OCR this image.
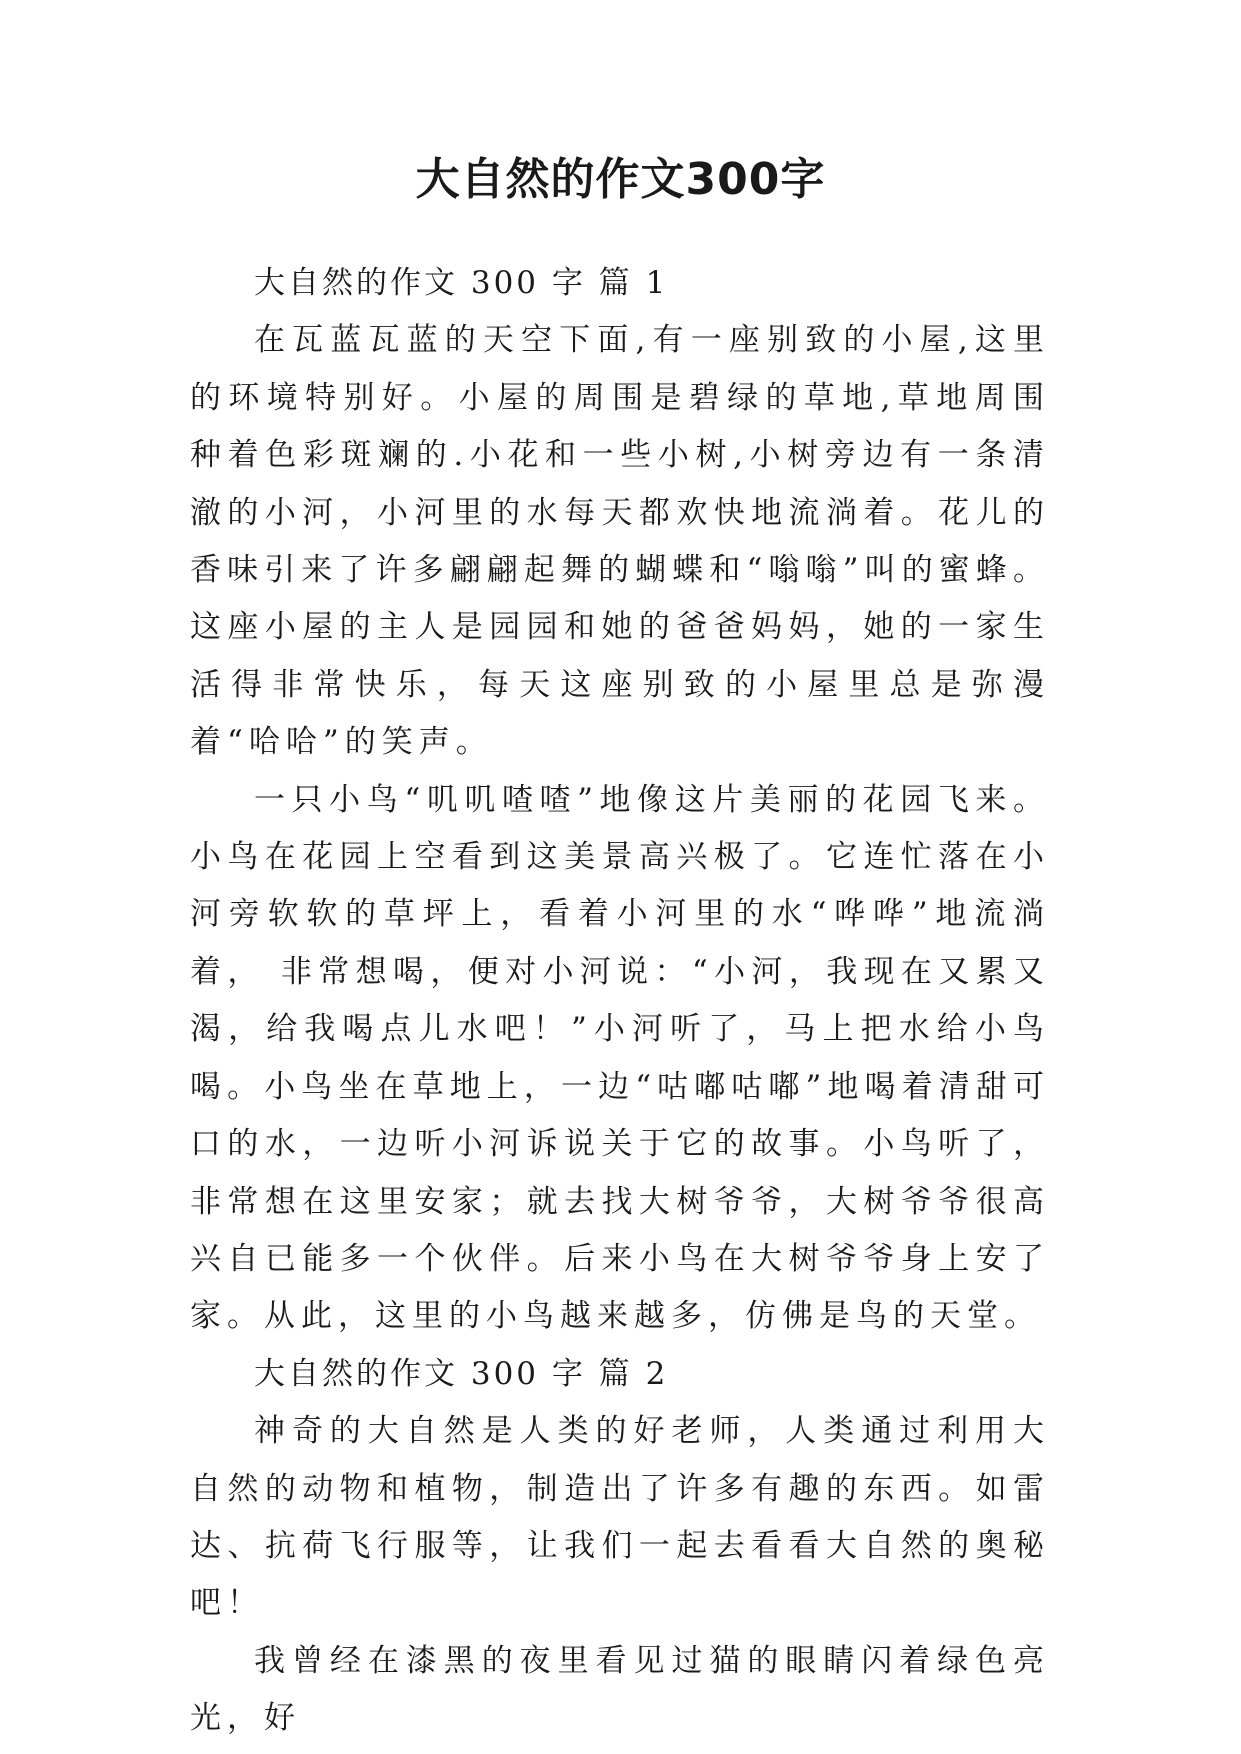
大自然的作文300字

大自然的作文 300 字 篇 1

在瓦蓝瓦蓝的天空下面,有一座别致的小屋,这里的环境特别好。小屋的周围是碧绿的草地,草地周围种着色彩斑斓的.小花和一些小树,小树旁边有一条清澈的小河，小河里的水每天都欢快地流淌着。花儿的香味引来了许多翩翩起舞的蝴蝶和“嗡嗡”叫的蜜蜂。这座小屋的主人是园园和她的爸爸妈妈，她的一家生活得非常快乐，每天这座别致的小屋里总是弥漫着“哈哈”的笑声。

一只小鸟“叽叽喳喳”地像这片美丽的花园飞来。小鸟在花园上空看到这美景高兴极了。它连忙落在小河旁软软的草坪上，看着小河里的水“哗哗”地流淌着， 非常想喝，便对小河说：“小河，我现在又累又渴，给我喝点儿水吧！”小河听了，马上把水给小鸟喝。小鸟坐在草地上，一边“咕嘟咕嘟”地喝着清甜可口的水，一边听小河诉说关于它的故事。小鸟听了，非常想在这里安家；就去找大树爷爷，大树爷爷很高兴自已能多一个伙伴。后来小鸟在大树爷爷身上安了家。从此，这里的小鸟越来越多，仿佛是鸟的天堂。

大自然的作文 300 字 篇 2

神奇的大自然是人类的好老师，人类通过利用大自然的动物和植物，制造出了许多有趣的东西。如雷达、抗荷飞行服等，让我们一起去看看大自然的奥秘吧！

我曾经在漆黑的夜里看见过猫的眼睛闪着绿色亮光，好
